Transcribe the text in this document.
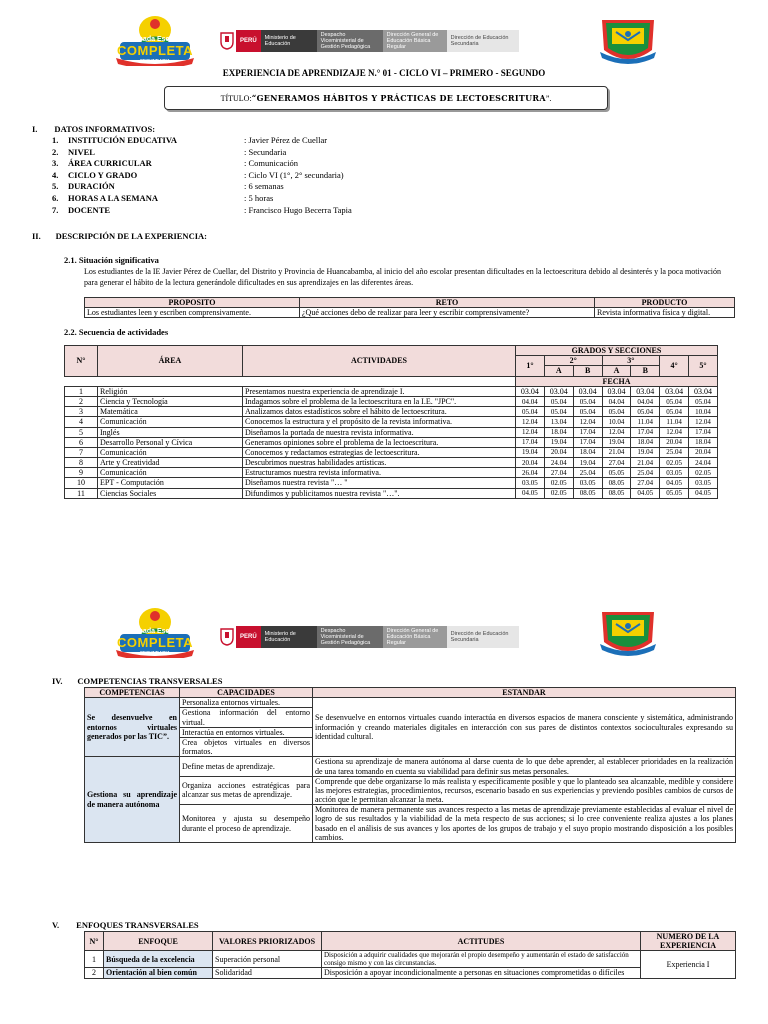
Jornada Escolar
COMPLETA
SECUNDARIA
PERÚ	Ministerio de Educación
Despacho Viceministerial de Gestión Pedagógica
Dirección General de Educación Básica Regular
Dirección de Educación Secundaria
EXPERIENCIA DE APRENDIZAJE N.° 01 - CICLO VI – PRIMERO - SEGUNDO
TÍTULO: “GENERAMOS HÁBITOS Y PRÁCTICAS DE LECTOESCRITURA ”.
I.        DATOS INFORMATIVOS:
1.	INSTITUCIÓN EDUCATIVA	: Javier Pérez de Cuellar
2.	NIVEL	: Secundaria
3.	ÁREA CURRICULAR	: Comunicación
4.	CICLO Y GRADO	: Ciclo VI (1°, 2° secundaria)
5.	DURACIÓN	: 6 semanas
6.	HORAS A LA SEMANA	: 5 horas
7.	DOCENTE	: Francisco Hugo Becerra Tapia
II.       DESCRIPCIÓN DE LA EXPERIENCIA:
2.1. Situación significativa
Los estudiantes de la IE Javier Pérez de Cuellar, del Distrito y Provincia de Huancabamba, al inicio del año escolar presentan dificultades en la lectoescritura debido al desinterés y la poca motivación para generar el hábito de la lectura generándole dificultades en sus aprendizajes en las diferentes áreas.
PROPOSITO	RETO	PRODUCTO
Los estudiantes leen y escriben comprensivamente.	¿Qué acciones debo de realizar para leer y escribir comprensivamente?	Revista informativa física y digital.
2.2. Secuencia de actividades
N°	ÁREA	ACTIVIDADES	GRADOS Y SECCIONES						
			1°	2°		3°		4°	5°
				A	B	A	B		
			FECHA						
1	Religión	Presentamos nuestra experiencia de aprendizaje I.	03.04	03.04	03.04	03.04	03.04	03.04	03.04
2	Ciencia y Tecnología	Indagamos sobre el problema de la lectoescritura en la I.E. "JPC".	04.04	05.04	05.04	04.04	04.04	05.04	05.04
3	Matemática	Analizamos datos estadísticos sobre el hábito de lectoescritura.	05.04	05.04	05.04	05.04	05.04	05.04	10.04
4	Comunicación	Conocemos la estructura y el propósito de la revista informativa.	12.04	13.04	12.04	10.04	11.04	11.04	12.04
5	Inglés	Diseñamos la portada de nuestra revista informativa.	12.04	18.04	17.04	12.04	17.04	12.04	17.04
6	Desarrollo Personal y Cívica	Generamos opiniones sobre el problema de la lectoescritura.	17.04	19.04	17.04	19.04	18.04	20.04	18.04
7	Comunicación	Conocemos y redactamos estrategias de lectoescritura.	19.04	20.04	18.04	21.04	19.04	25.04	20.04
8	Arte y Creatividad	Descubrimos nuestras habilidades artísticas.	20.04	24.04	19.04	27.04	21.04	02.05	24.04
9	Comunicación	Estructuramos nuestra revista informativa.	26.04	27.04	25.04	05.05	25.04	03.05	02.05
10	EPT - Computación	Diseñamos nuestra revista "… "	03.05	02.05	03.05	08.05	27.04	04.05	03.05
11	Ciencias Sociales	Difundimos y publicitamos nuestra revista "…".	04.05	02.05	08.05	08.05	04.05	05.05	04.05
Jornada Escolar
COMPLETA
SECUNDARIA
PERÚ	Ministerio de Educación
Despacho Viceministerial de Gestión Pedagógica
Dirección General de Educación Básica Regular
Dirección de Educación Secundaria
IV.       COMPETENCIAS TRANSVERSALES
COMPETENCIAS	CAPACIDADES	ESTANDAR
Se desenvuelve en entornos virtuales generados por las TIC”.	Personaliza entornos virtuales.	Se desenvuelve en entornos virtuales cuando interactúa en diversos espacios de manera consciente y sistemática, administrando información y creando materiales digitales en interacción con sus pares de distintos contextos socioculturales expresando su identidad cultural.
	Gestiona información del entorno virtual.	
	Interactúa en entornos virtuales.	
	Crea objetos virtuales en diversos formatos.	
Gestiona su aprendizaje de manera autónoma	Define metas de aprendizaje.	Gestiona su aprendizaje de manera autónoma al darse cuenta de lo que debe aprender, al establecer prioridades en la realización de una tarea tomando en cuenta su viabilidad para definir sus metas personales.
	Organiza acciones estratégicas para alcanzar sus metas de aprendizaje.	Comprende que debe organizarse lo más realista y específicamente posible y que lo planteado sea alcanzable, medible y considere las mejores estrategias, procedimientos, recursos, escenario basado en sus experiencias y previendo posibles cambios de cursos de acción que le permitan alcanzar la meta.
	Monitorea y ajusta su desempeño durante el proceso de aprendizaje.	Monitorea de manera permanente sus avances respecto a las metas de aprendizaje previamente establecidas al evaluar el nivel de logro de sus resultados y la viabilidad de la meta respecto de sus acciones; si lo cree conveniente realiza ajustes a los planes basado en el análisis de sus avances y los aportes de los grupos de trabajo y el suyo propio mostrando disposición a los posibles cambios.
V.        ENFOQUES TRANSVERSALES
N°	ENFOQUE	VALORES PRIORIZADOS	ACTITUDES	NUMERO DE LA EXPERIENCIA
1	Búsqueda de la excelencia	Superación personal	Disposición a adquirir cualidades que mejorarán el propio desempeño y aumentarán el estado de satisfacción consigo mismo y con las circunstancias.	Experiencia I
2	Orientación al bien común	Solidaridad	Disposición a apoyar incondicionalmente a personas en situaciones comprometidas o difíciles	
